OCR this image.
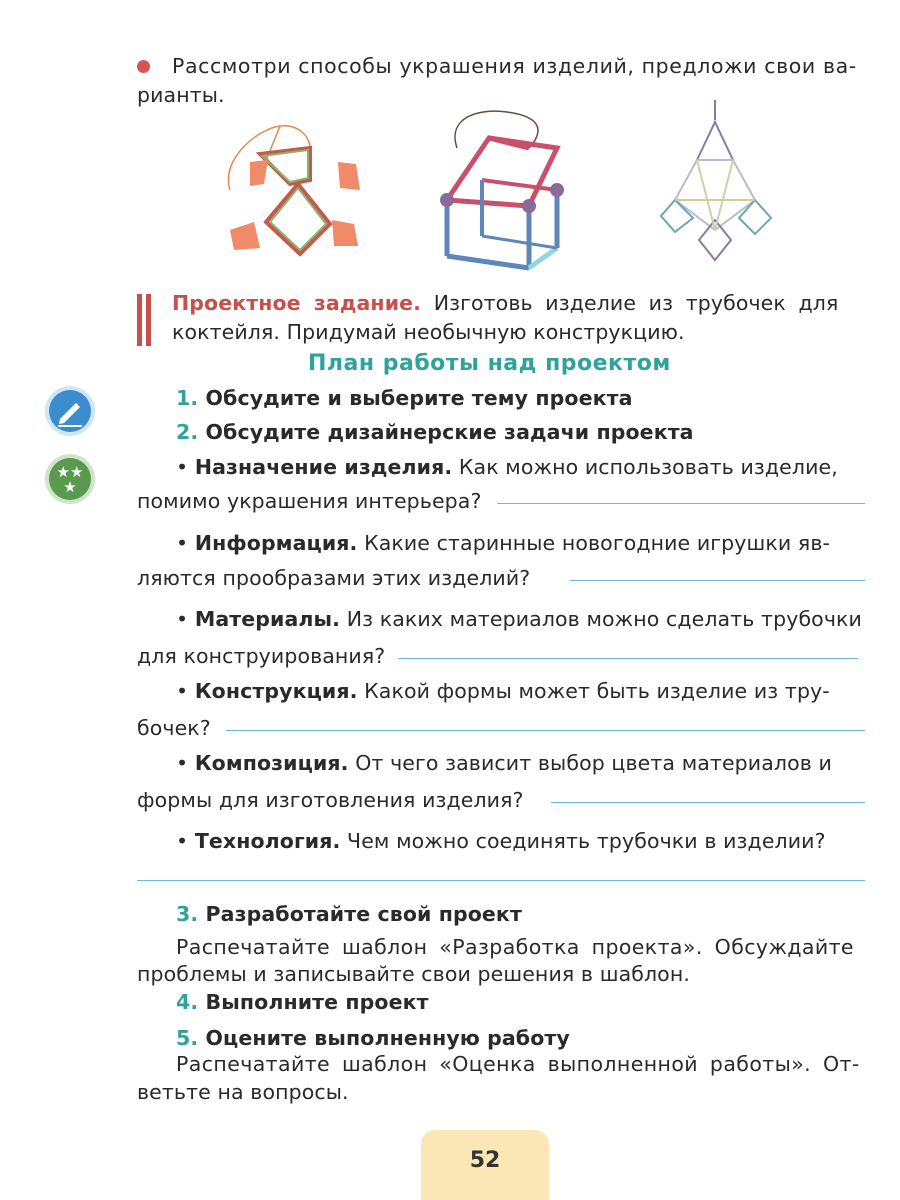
Рассмотри способы украшения изделий, предложи свои ва-
рианты.
Проектное задание. Изготовь изделие из трубочек для
коктейля. Придумай необычную конструкцию.
План работы над проектом
1. Обсудите и выберите тему проекта
2. Обсудите дизайнерские задачи проекта
• Назначение изделия. Как можно использовать изделие,
помимо украшения интерьера?
• Информация. Какие старинные новогодние игрушки яв-
ляются прообразами этих изделий?
• Материалы. Из каких материалов можно сделать трубочки
для конструирования?
• Конструкция. Какой формы может быть изделие из тру-
бочек?
• Композиция. От чего зависит выбор цвета материалов и
формы для изготовления изделия?
• Технология. Чем можно соединять трубочки в изделии?
3. Разработайте свой проект
Распечатайте шаблон «Разработка проекта». Обсуждайте
проблемы и записывайте свои решения в шаблон.
4. Выполните проект
5. Оцените выполненную работу
Распечатайте шаблон «Оценка выполненной работы». От-
ветьте на вопросы.
★★
★
52
